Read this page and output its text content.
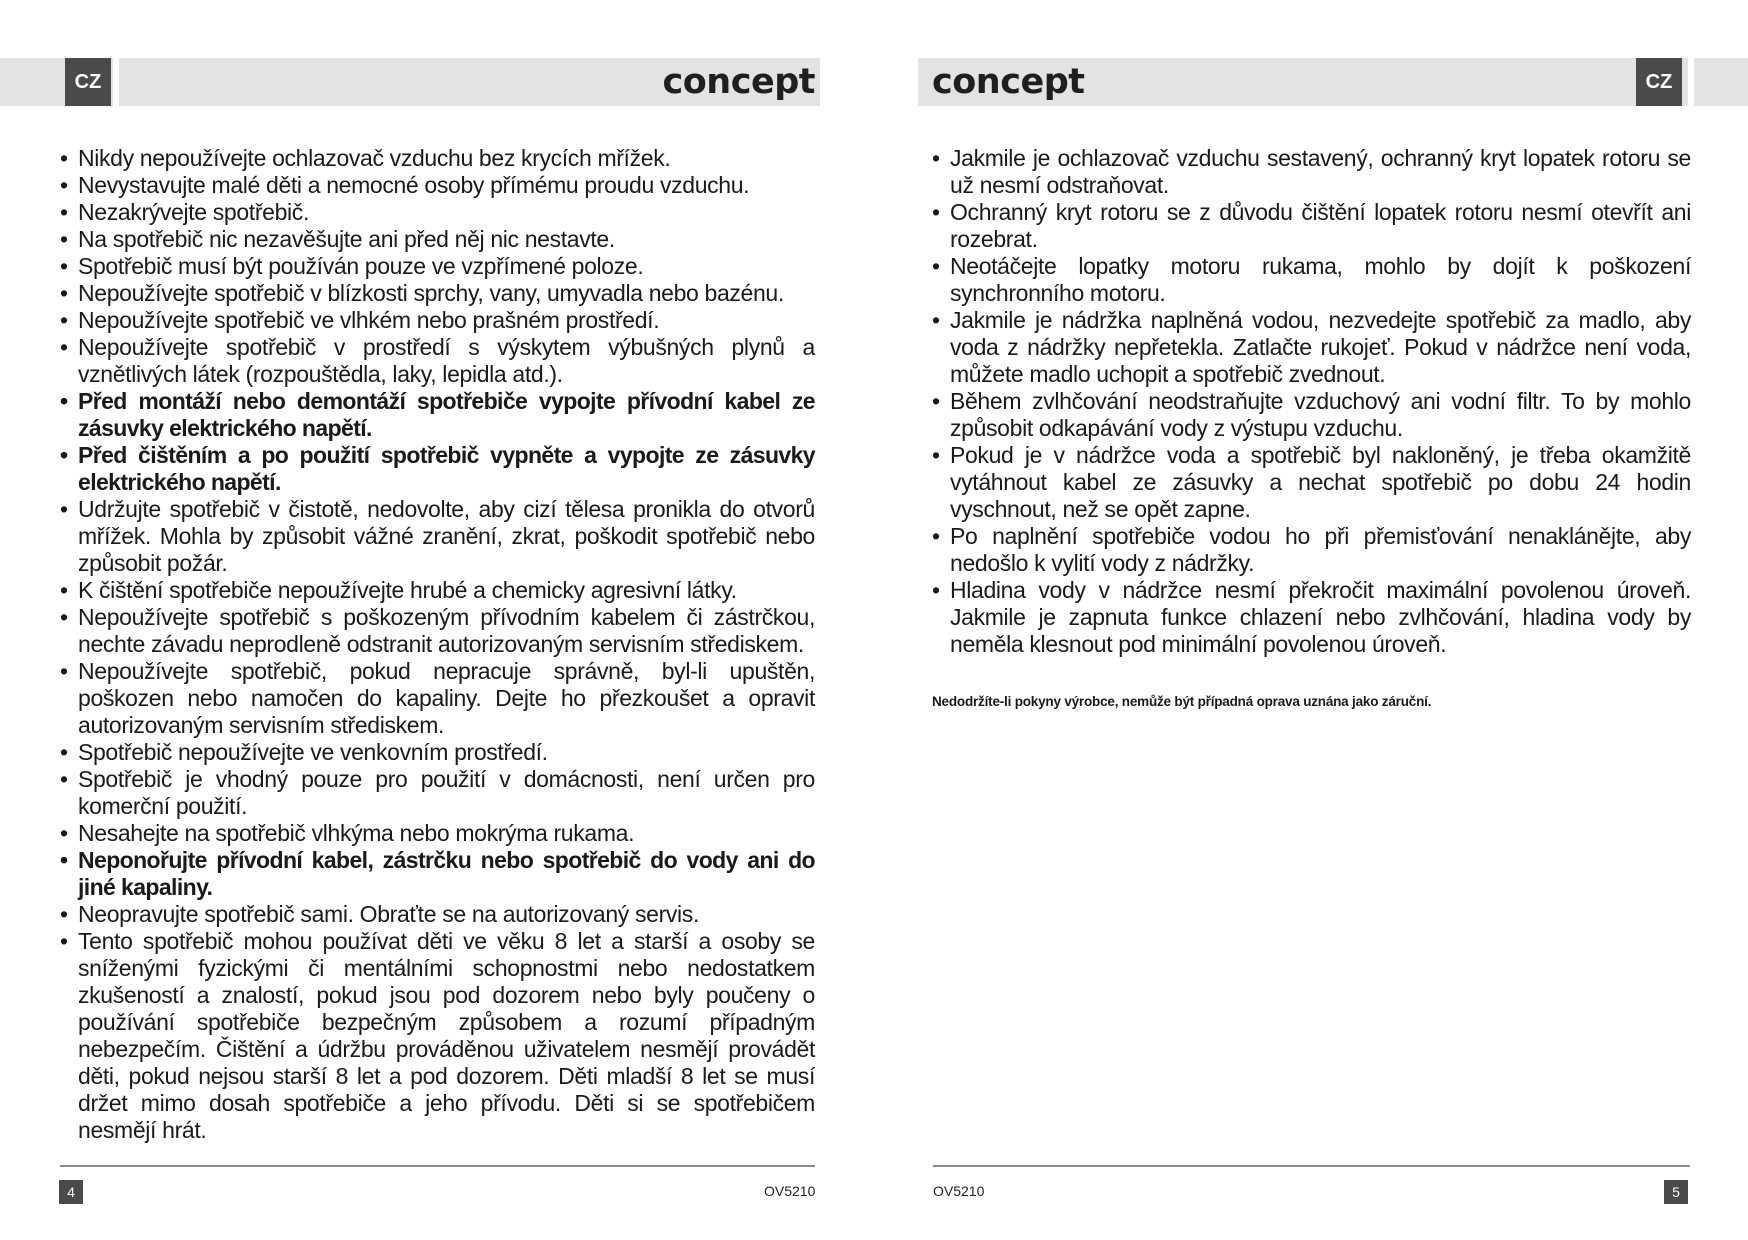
CZ	CZ
concept	concept
• Nikdy nepoužívejte ochlazovač vzduchu bez krycích mřížek.
• Nevystavujte malé děti a nemocné osoby přímému proudu vzduchu.
• Nezakrývejte spotřebič.
• Na spotřebič nic nezavěšujte ani před něj nic nestavte.
• Spotřebič musí být používán pouze ve vzpřímené poloze.
• Nepoužívejte spotřebič v blízkosti sprchy, vany, umyvadla nebo bazénu.
• Nepoužívejte spotřebič ve vlhkém nebo prašném prostředí.
• Nepoužívejte spotřebič v prostředí s výskytem výbušných plynů a vznětlivých látek (rozpouštědla, laky, lepidla atd.).
• Před montáží nebo demontáží spotřebiče vypojte přívodní kabel ze zásuvky elektrického napětí.
• Před čištěním a po použití spotřebič vypněte a vypojte ze zásuvky elektrického napětí.
• Udržujte spotřebič v čistotě, nedovolte, aby cizí tělesa pronikla do otvorů mřížek. Mohla by způsobit vážné zranění, zkrat, poškodit spotřebič nebo způsobit požár.
• K čištění spotřebiče nepoužívejte hrubé a chemicky agresivní látky.
• Nepoužívejte spotřebič s poškozeným přívodním kabelem či zástrčkou, nechte závadu neprodleně odstranit autorizovaným servisním střediskem.
• Nepoužívejte spotřebič, pokud nepracuje správně, byl-li upuštěn, poškozen nebo namočen do kapaliny. Dejte ho přezkoušet a opravit autorizovaným servisním střediskem.
• Spotřebič nepoužívejte ve venkovním prostředí.
• Spotřebič je vhodný pouze pro použití v domácnosti, není určen pro komerční použití.
• Nesahejte na spotřebič vlhkýma nebo mokrýma rukama.
• Neponořujte přívodní kabel, zástrčku nebo spotřebič do vody ani do jiné kapaliny.
• Neopravujte spotřebič sami. Obraťte se na autorizovaný servis.
• Tento spotřebič mohou používat děti ve věku 8 let a starší a osoby se sníženými fyzickými či mentálními schopnostmi nebo nedostatkem zkušeností a znalostí, pokud jsou pod dozorem nebo byly poučeny o používání spotřebiče bezpečným způsobem a rozumí případným nebezpečím. Čištění a údržbu prováděnou uživatelem nesmějí provádět děti, pokud nejsou starší 8 let a pod dozorem. Děti mladší 8 let se musí držet mimo dosah spotřebiče a jeho přívodu. Děti si se spotřebičem nesmějí hrát.
• Jakmile je ochlazovač vzduchu sestavený, ochranný kryt lopatek rotoru se už nesmí odstraňovat.
• Ochranný kryt rotoru se z důvodu čištění lopatek rotoru nesmí otevřít ani rozebrat.
• Neotáčejte lopatky motoru rukama, mohlo by dojít k poškození synchronního motoru.
• Jakmile je nádržka naplněná vodou, nezvedejte spotřebič za madlo, aby voda z nádržky nepřetekla. Zatlačte rukojeť. Pokud v nádržce není voda, můžete madlo uchopit a spotřebič zvednout.
• Během zvlhčování neodstraňujte vzduchový ani vodní filtr. To by mohlo způsobit odkapávání vody z výstupu vzduchu.
• Pokud je v nádržce voda a spotřebič byl nakloněný, je třeba okamžitě vytáhnout kabel ze zásuvky a nechat spotřebič po dobu 24 hodin vyschnout, než se opět zapne.
• Po naplnění spotřebiče vodou ho při přemisťování nenaklánějte, aby nedošlo k vylití vody z nádržky.
• Hladina vody v nádržce nesmí překročit maximální povolenou úroveň. Jakmile je zapnuta funkce chlazení nebo zvlhčování, hladina vody by neměla klesnout pod minimální povolenou úroveň.
Nedodržíte-li pokyny výrobce, nemůže být případná oprava uznána jako záruční.
4	5
OV5210	OV5210
